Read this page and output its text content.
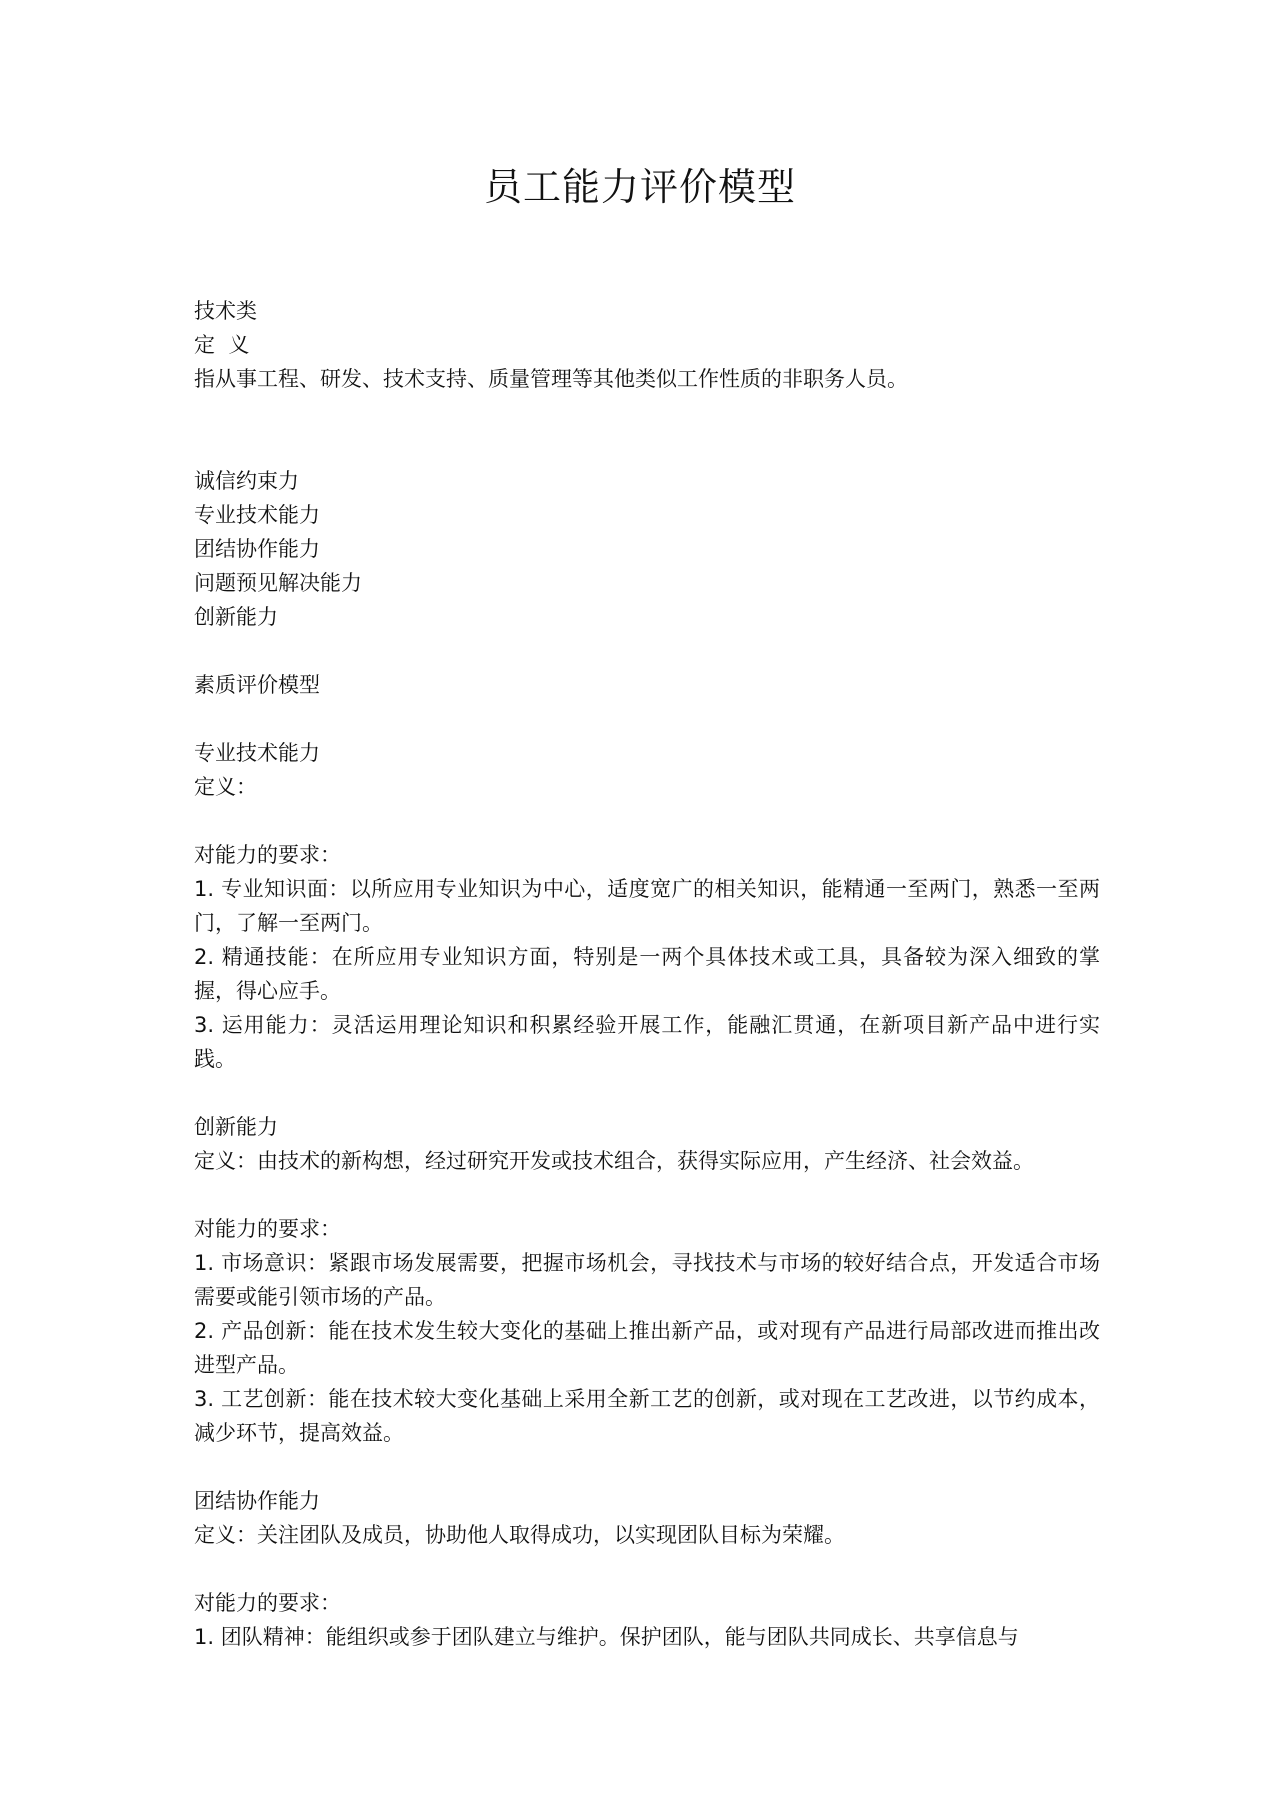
员工能力评价模型
技术类
定  义
指从事工程、研发、技术支持、质量管理等其他类似工作性质的非职务人员。
诚信约束力
专业技术能力
团结协作能力
问题预见解决能力
创新能力
素质评价模型
专业技术能力
定义：
对能力的要求：

1. 专业知识面：以所应用专业知识为中心，适度宽广的相关知识，能精通一至两门，熟悉一至两门，了解一至两门。

2. 精通技能：在所应用专业知识方面，特别是一两个具体技术或工具，具备较为深入细致的掌握，得心应手。

3. 运用能力：灵活运用理论知识和积累经验开展工作，能融汇贯通，在新项目新产品中进行实践。

创新能力
定义：由技术的新构想，经过研究开发或技术组合，获得实际应用，产生经济、社会效益。
对能力的要求：

1. 市场意识：紧跟市场发展需要，把握市场机会，寻找技术与市场的较好结合点，开发适合市场需要或能引领市场的产品。

2. 产品创新：能在技术发生较大变化的基础上推出新产品，或对现有产品进行局部改进而推出改进型产品。

3. 工艺创新：能在技术较大变化基础上采用全新工艺的创新，或对现在工艺改进，以节约成本，减少环节，提高效益。

团结协作能力
定义：关注团队及成员，协助他人取得成功，以实现团队目标为荣耀。
对能力的要求：
1. 团队精神：能组织或参于团队建立与维护。保护团队，能与团队共同成长、共享信息与
